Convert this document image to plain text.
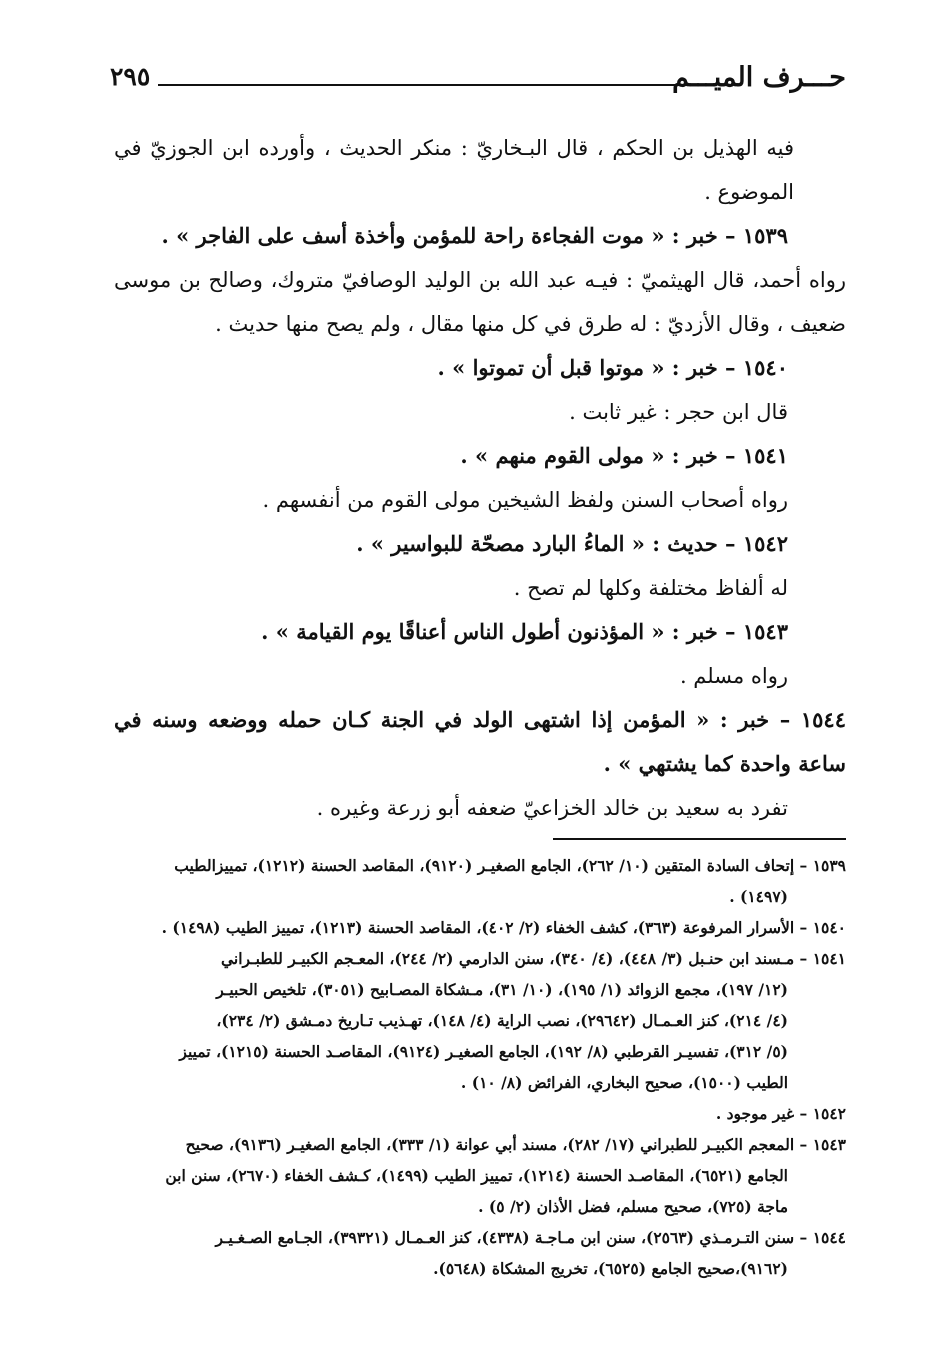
حـــرف الميـــم
٢٩٥

فيه الهذيل بن الحكم ، قال البـخاريّ : منكر الحديث ، وأورده ابن الجوزيّ في الموضوع .

١٥٣٩ – خبر : « موت الفجاءة راحة للمؤمن وأخذة أسف على الفاجر » .

رواه أحمد، قال الهيثميّ : فيـه عبد الله بن الوليد الوصافيّ متروك، وصالح بن موسى ضعيف ، وقال الأزديّ : له طرق في كل منها مقال ، ولم يصح منها حديث .

١٥٤٠ – خبر : « موتوا قبل أن تموتوا » .

قال ابن حجر : غير ثابت .

١٥٤١ – خبر : « مولى القوم منهم » .

رواه أصحاب السنن ولفظ الشيخين مولى القوم من أنفسهم .

١٥٤٢ – حديث : « الماءُ البارد مصحّة للبواسير » .

له ألفاظ مختلفة وكلها لم تصح .

١٥٤٣ – خبر : « المؤذنون أطول الناس أعناقًا يوم القيامة » .

رواه مسلم .

١٥٤٤ – خبر : « المؤمن إذا اشتهى الولد في الجنة كـان حمله ووضعه وسنه في ساعة واحدة كما يشتهي » .

تفرد به سعيد بن خالد الخزاعيّ ضعفه أبو زرعة وغيره .

١٥٣٩ – إتحاف السادة المتقين (١٠/ ٢٦٢)، الجامع الصغيـر (٩١٢٠)، المقاصد الحسنة (١٢١٢)، تمييزالطيب

(١٤٩٧) .

١٥٤٠ – الأسرار المرفوعة (٣٦٣)، كشف الخفاء (٢/ ٤٠٢)، المقاصد الحسنة (١٢١٣)، تمييز الطيب (١٤٩٨) .

١٥٤١ – مـسند ابن حنـبل (٣/ ٤٤٨)، (٤/ ٣٤٠)، سنن الدارمي (٢/ ٢٤٤)، المعـجم الكبيـر للطبـراني

(١٢/ ١٩٧)، مجمع الزوائد (١/ ١٩٥)، (١٠/ ٣١)، مـشكاة المصـابيح (٣٠٥١)، تلخيص الحبيـر

(٤/ ٢١٤)، كنز العـمـال (٢٩٦٤٢)، نصب الراية (٤/ ١٤٨)، تهـذيب تـاريخ دمـشق (٢/ ٢٣٤)،

(٥/ ٣١٢)، تفسيـر القرطبي (٨/ ١٩٢)، الجامع الصغيـر (٩١٢٤)، المقاصـد الحسنة (١٢١٥)، تمييز

الطيب (١٥٠٠)، صحيح البخاري، الفرائض (٨/ ١٠) .

١٥٤٢ – غير موجود .

١٥٤٣ – المعجم الكبيـر للطبراني (١٧/ ٢٨٢)، مسند أبي عوانة (١/ ٣٣٣)، الجامع الصغيـر (٩١٣٦)، صحيح

الجامع (٦٥٢١)، المقاصـد الحسنة (١٢١٤)، تمييز الطيب (١٤٩٩)، كـشف الخفاء (٢٦٧٠)، سنن ابن

ماجة (٧٢٥)، صحيح مسلم، فضل الأذان (٢/ ٥) .

١٥٤٤ – سنن التـرمـذي (٢٥٦٣)، سنن ابن مـاجـة (٤٣٣٨)، كنز العـمـال (٣٩٣٢١)، الجـامع الصـغـيـر

(٩١٦٢)،صحيح الجامع (٦٥٢٥)، تخريج المشكاة (٥٦٤٨).
